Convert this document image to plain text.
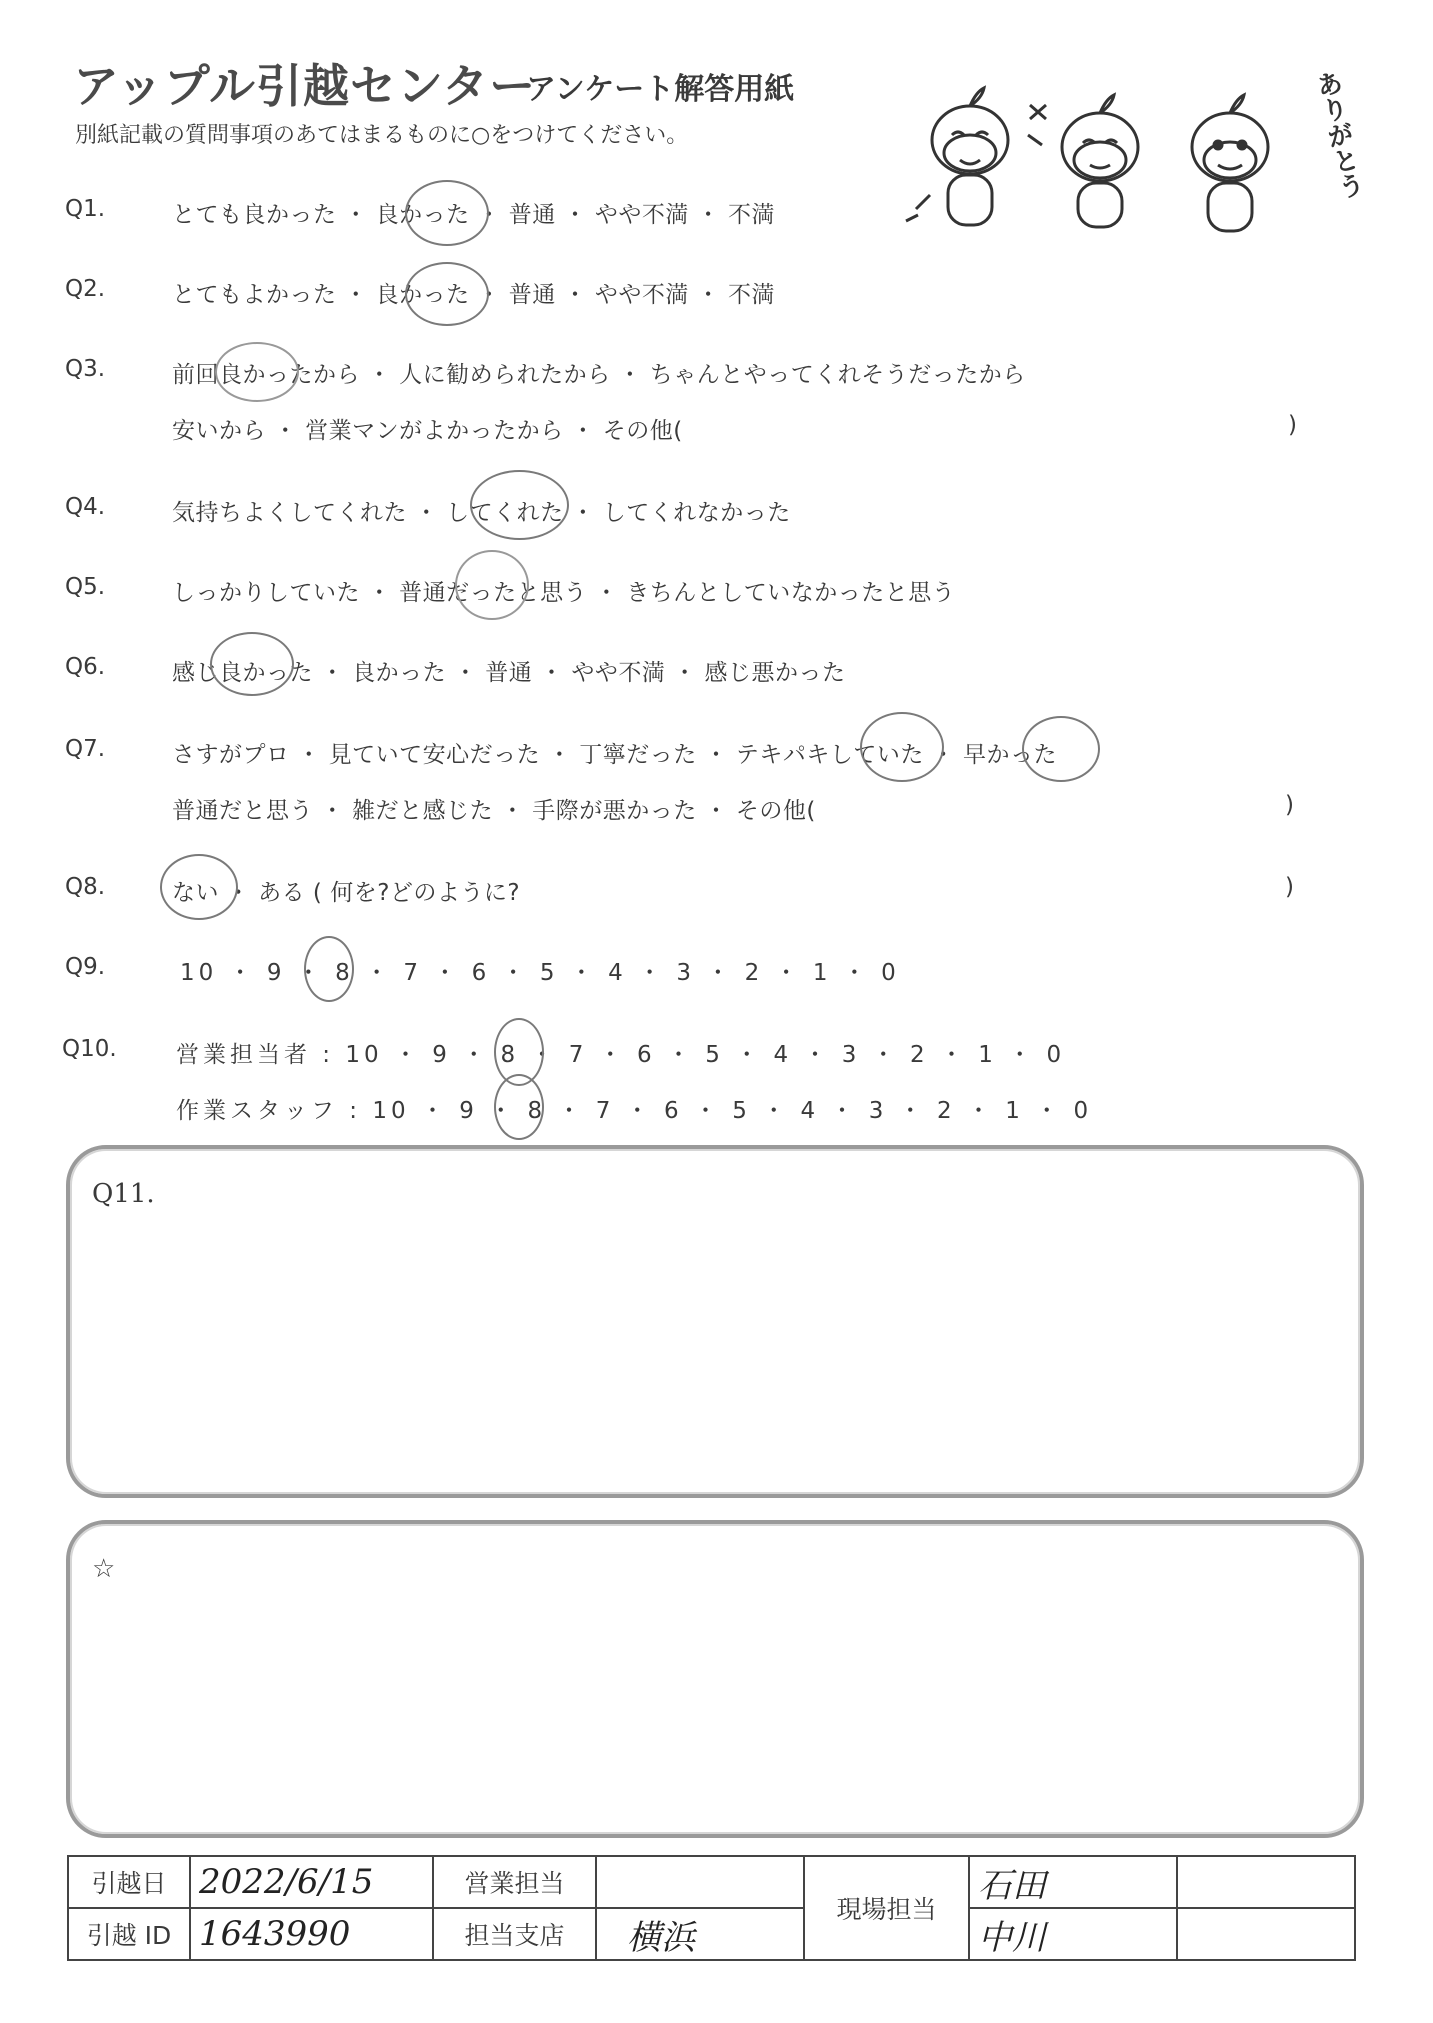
アップル引越センター
アンケート解答用紙
別紙記載の質問事項のあてはまるものに○をつけてください。	ありがとう
Q1.	とても良かった ・ 良かった ・ 普通 ・ やや不満 ・ 不満
Q2.	とてもよかった ・ 良かった ・ 普通 ・ やや不満 ・ 不満
Q3.	前回良かったから ・ 人に勧められたから ・ ちゃんとやってくれそうだったから
安いから ・ 営業マンがよかったから ・ その他(	)
Q4.	気持ちよくしてくれた ・ してくれた ・ してくれなかった
Q5.	しっかりしていた ・ 普通だったと思う ・ きちんとしていなかったと思う
Q6.	感じ良かった ・ 良かった ・ 普通 ・ やや不満 ・ 感じ悪かった
Q7.	さすがプロ ・ 見ていて安心だった ・ 丁寧だった ・ テキパキしていた ・ 早かった
普通だと思う ・ 雑だと感じた ・ 手際が悪かった ・ その他(	)
Q8.	ない ・ ある ( 何を?どのように?	)
Q9.	10 ・ 9 ・ 8 ・ 7 ・ 6 ・ 5 ・ 4 ・ 3 ・ 2 ・ 1 ・ 0
Q10.	営業担当者 : 10 ・ 9 ・ 8 ・ 7 ・ 6 ・ 5 ・ 4 ・ 3 ・ 2 ・ 1 ・ 0
作業スタッフ : 10 ・ 9 ・ 8 ・ 7 ・ 6 ・ 5 ・ 4 ・ 3 ・ 2 ・ 1 ・ 0
Q11.
☆
引越日	2022/6/15	営業担当		現場担当	石田	
引越 ID	1643990	担当支店	横浜		中川	
